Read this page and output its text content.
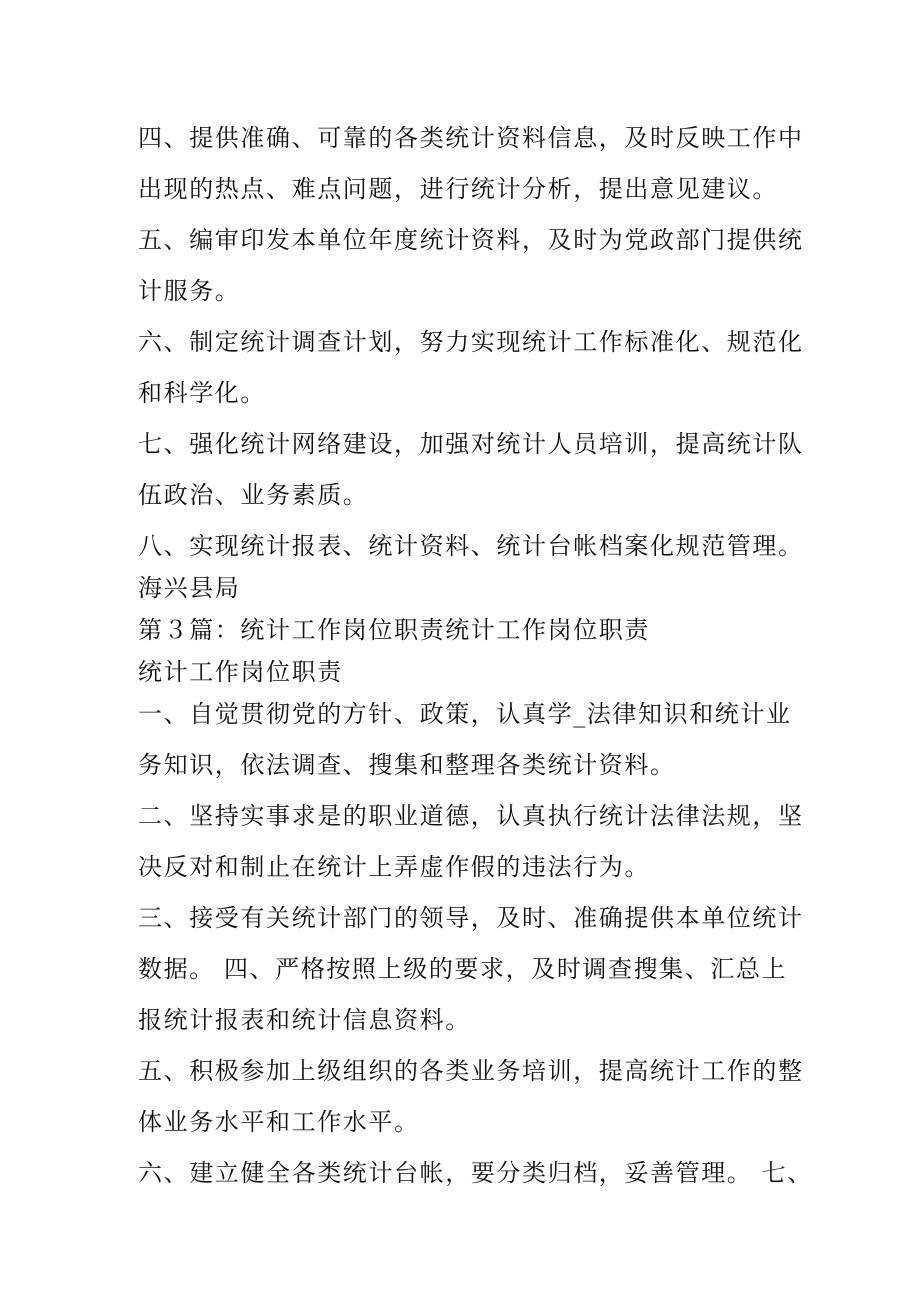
四、提供准确、可靠的各类统计资料信息，及时反映工作中
出现的热点、难点问题，进行统计分析，提出意见建议。
五、编审印发本单位年度统计资料，及时为党政部门提供统
计服务。
六、制定统计调查计划，努力实现统计工作标准化、规范化
和科学化。
七、强化统计网络建设，加强对统计人员培训，提高统计队
伍政治、业务素质。
八、实现统计报表、统计资料、统计台帐档案化规范管理。
海兴县局
第３篇：统计工作岗位职责统计工作岗位职责
统计工作岗位职责
一、自觉贯彻党的方针、政策，认真学_法律知识和统计业
务知识，依法调查、搜集和整理各类统计资料。
二、坚持实事求是的职业道德，认真执行统计法律法规，坚
决反对和制止在统计上弄虚作假的违法行为。
三、接受有关统计部门的领导，及时、准确提供本单位统计
数据。 四、严格按照上级的要求，及时调查搜集、汇总上
报统计报表和统计信息资料。
五、积极参加上级组织的各类业务培训，提高统计工作的整
体业务水平和工作水平。
六、建立健全各类统计台帐，要分类归档，妥善管理。 七、
